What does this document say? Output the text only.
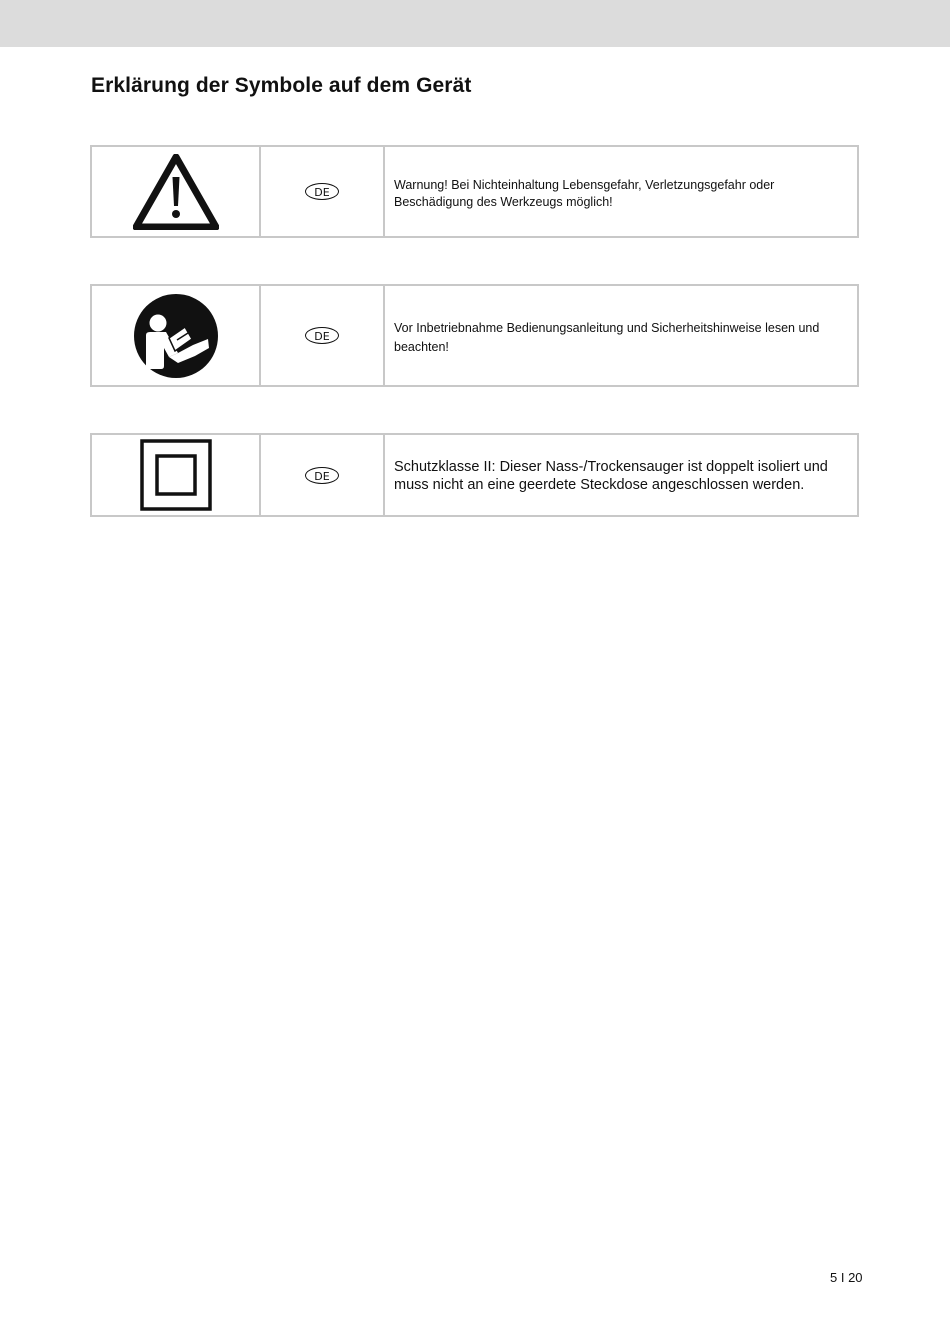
Erklärung der Symbole auf dem Gerät
DE

Warnung! Bei Nichteinhaltung Lebensgefahr, Verletzungsgefahr oder Beschädigung des Werkzeugs möglich!

DE

Vor Inbetriebnahme Bedienungsanleitung und Sicherheitshinweise lesen und beachten!

DE

Schutzklasse II: Dieser Nass-/Trockensauger ist doppelt isoliert und muss nicht an eine geerdete Steckdose angeschlossen werden.

5 I 20
